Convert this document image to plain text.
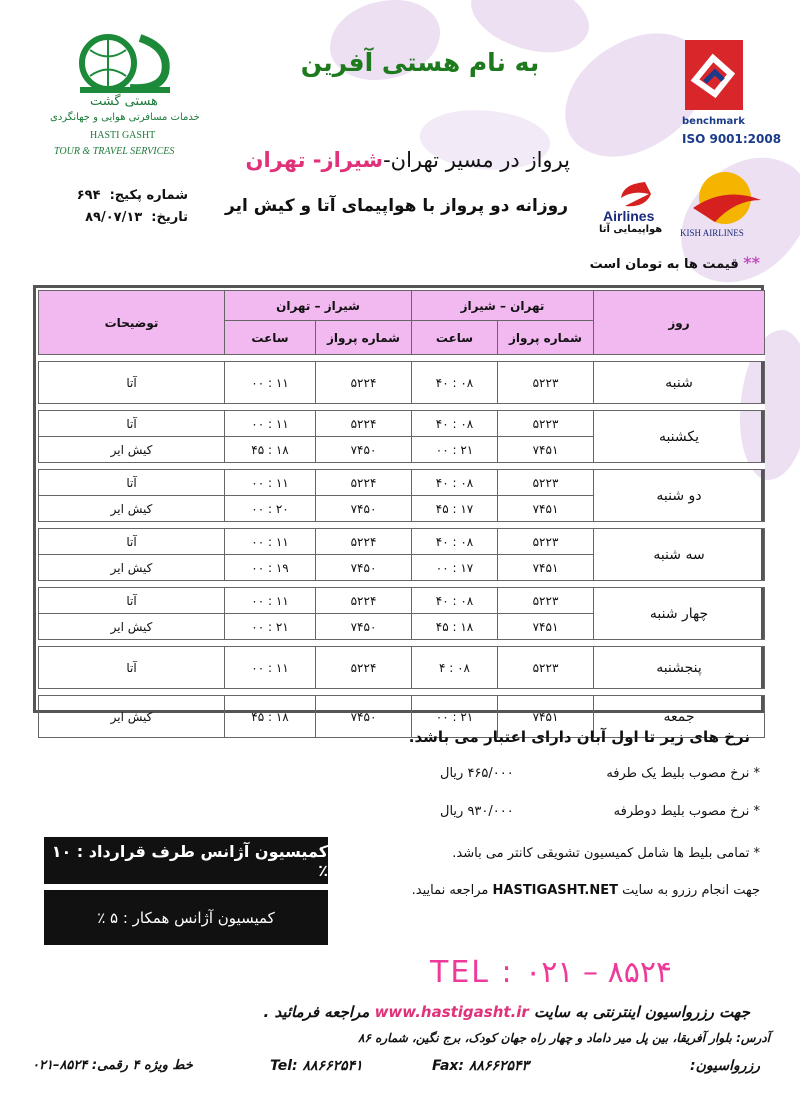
به نام هستی آفرین
هستی گشت
خدمات مسافرتی هوایی و جهانگردی
HASTI GASHT
TOUR & TRAVEL SERVICES
benchmark
ISO 9001:2008
پرواز در مسیر تهران-شیراز- تهران
روزانه دو پرواز با هواپیمای آتا و کیش ایر	Airlines
هواپیمایی آتا KISH AIRLINES
شماره پکیج:  ۶۹۴
تاریخ:  ۸۹/۰۷/۱۳
** قیمت ها به تومان است
روز	تهران – شیراز		شیراز – تهران		توضیحات
	شماره پرواز	ساعت	شماره پرواز	ساعت	

شنبه	۵۲۲۳	۰۸ : ۴۰	۵۲۲۴	۱۱ : ۰۰	آتا

یکشنبه	۵۲۲۳	۰۸ : ۴۰	۵۲۲۴	۱۱ : ۰۰	آتا
	۷۴۵۱	۲۱ : ۰۰	۷۴۵۰	۱۸ : ۴۵	کیش ایر

دو شنبه	۵۲۲۳	۰۸ : ۴۰	۵۲۲۴	۱۱ : ۰۰	آتا
	۷۴۵۱	۱۷ : ۴۵	۷۴۵۰	۲۰ : ۰۰	کیش ایر

سه شنبه	۵۲۲۳	۰۸ : ۴۰	۵۲۲۴	۱۱ : ۰۰	آتا
	۷۴۵۱	۱۷ : ۰۰	۷۴۵۰	۱۹ : ۰۰	کیش ایر

چهار شنبه	۵۲۲۳	۰۸ : ۴۰	۵۲۲۴	۱۱ : ۰۰	آتا
	۷۴۵۱	۱۸ : ۴۵	۷۴۵۰	۲۱ : ۰۰	کیش ایر

پنجشنبه	۵۲۲۳	۰۸ : ۴	۵۲۲۴	۱۱ : ۰۰	آتا

جمعه	۷۴۵۱	۲۱ : ۰۰	۷۴۵۰	۱۸ : ۴۵	کیش ایر
نرخ های زیر تا اول آبان دارای اعتبار می باشد.
* نرخ مصوب بلیط یک طرفه
۴۶۵/۰۰۰ ریال
* نرخ مصوب بلیط دوطرفه
۹۳۰/۰۰۰ ریال
* تمامی بلیط ها شامل کمیسیون تشویقی کانتر می باشد.
جهت انجام رزرو به سایت HASTIGASHT.NET مراجعه نمایید.
کمیسیون آژانس طرف قرارداد : ۱۰ ٪
کمیسیون آژانس همکار : ۵ ٪
TEL : ۰۲۱ – ۸۵۲۴
جهت رزرواسیون اینترنتی به سایت www.hastigasht.ir مراجعه فرمائید .
آدرس: بلوار آفریقا، بین پل میر داماد و چهار راه جهان کودک، برج نگین، شماره ۸۶
رزرواسیون:
Fax: ۸۸۶۶۲۵۴۳
Tel: ۸۸۶۶۲۵۴۱
خط ویژه ۴ رقمی: ۸۵۲۴–۰۲۱
